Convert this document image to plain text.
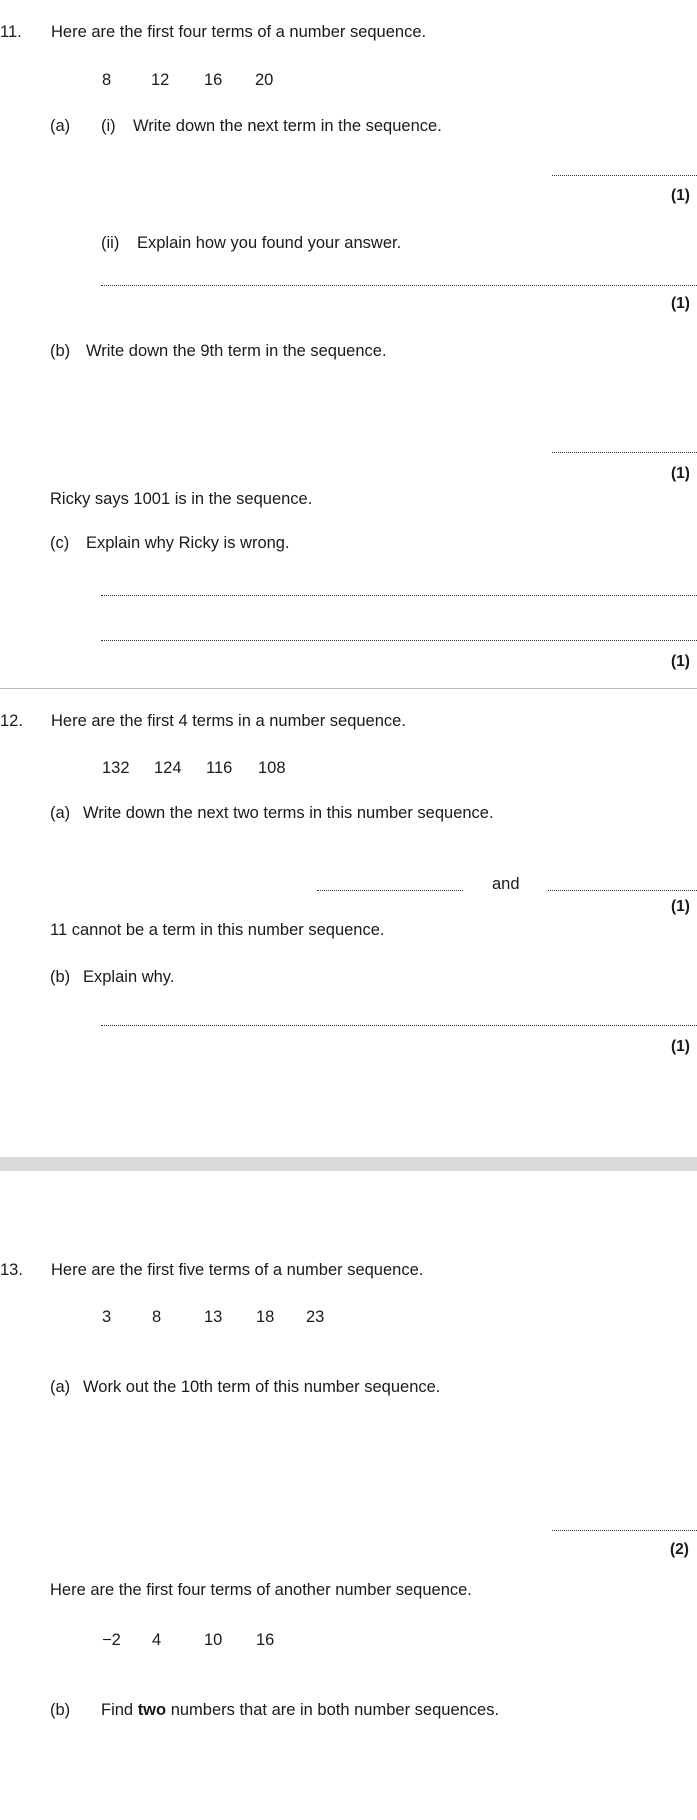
11. Here are the first four terms of a number sequence.
8 12 16 20
(a) (i) Write down the next term in the sequence.
(1)
(ii) Explain how you found your answer.
(1)
(b) Write down the 9th term in the sequence.
(1)
Ricky says 1001 is in the sequence.
(c) Explain why Ricky is wrong.
(1)
12. Here are the first 4 terms in a number sequence.
132 124 116 108
(a) Write down the next two terms in this number sequence.
and
(1)
11 cannot be a term in this number sequence.
(b) Explain why.
(1)
13. Here are the first five terms of a number sequence.
3 8	13 18 23
(a) Work out the 10th term of this number sequence.
(2)
Here are the first four terms of another number sequence.
−2 4	10 16
(b) Find two numbers that are in both number sequences.
